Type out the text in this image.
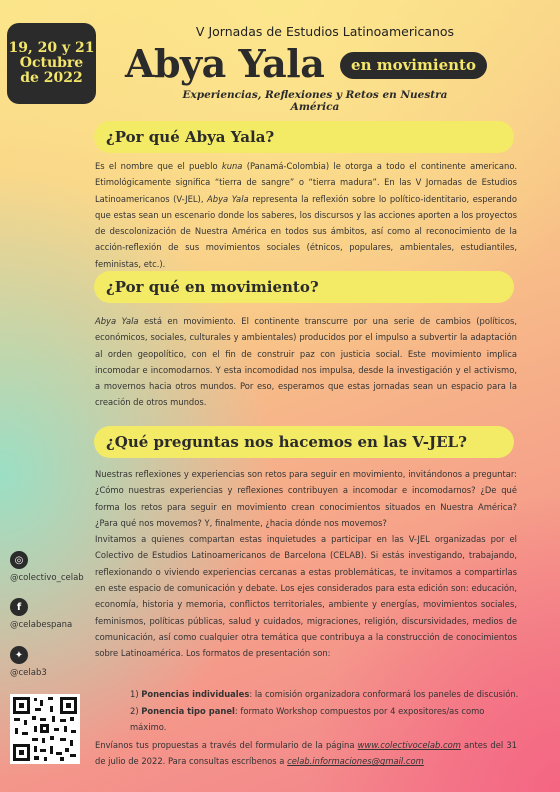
19, 20 y 21
Octubre
de 2022
V Jornadas de Estudios Latinoamericanos
Abya Yala	en movimiento
Experiencias, Reflexiones y Retos en Nuestra América
¿Por qué Abya Yala?
Es el nombre que el pueblo kuna (Panamá-Colombia) le otorga a todo el continente americano. Etimológicamente significa “tierra de sangre” o “tierra madura”. En las V Jornadas de Estudios Latinoamericanos (V-JEL), Abya Yala representa la reflexión sobre lo político-identitario, esperando que estas sean un escenario donde los saberes, los discursos y las acciones aporten a los proyectos de descolonización de Nuestra América en todos sus ámbitos, así como al reconocimiento de la acción-reflexión de sus movimientos sociales (étnicos, populares, ambientales, estudiantiles, feministas, etc.).
¿Por qué en movimiento?
Abya Yala está en movimiento. El continente transcurre por una serie de cambios (políticos, económicos, sociales, culturales y ambientales) producidos por el impulso a subvertir la adaptación al orden geopolítico, con el fin de construir paz con justicia social. Este movimiento implica incomodar e incomodarnos. Y esta incomodidad nos impulsa, desde la investigación y el activismo, a movernos hacia otros mundos. Por eso, esperamos que estas jornadas sean un espacio para la creación de otros mundos.
¿Qué preguntas nos hacemos en las V-JEL?
Nuestras reflexiones y experiencias son retos para seguir en movimiento, invitándonos a preguntar: ¿Cómo nuestras experiencias y reflexiones contribuyen a incomodar e incomodarnos? ¿De qué forma los retos para seguir en movimiento crean conocimientos situados en Nuestra América? ¿Para qué nos movemos? Y, finalmente, ¿hacia dónde nos movemos?
Invitamos a quienes compartan estas inquietudes a participar en las V-JEL organizadas por el Colectivo de Estudios Latinoamericanos de Barcelona (CELAB). Si estás investigando, trabajando, reflexionando o viviendo experiencias cercanas a estas problemáticas, te invitamos a compartirlas en este espacio de comunicación y debate. Los ejes considerados para esta edición son: educación, economía, historia y memoria, conflictos territoriales, ambiente y energías, movimientos sociales, feminismos, políticas públicas, salud y cuidados, migraciones, religión, discursividades, medios de comunicación, así como cualquier otra temática que contribuya a la construcción de conocimientos sobre Latinoamérica. Los formatos de presentación son:
1) Ponencias individuales: la comisión organizadora conformará los paneles de discusión.
2) Ponencia tipo panel: formato Workshop compuestos por 4 expositores/as como máximo.
Envíanos tus propuestas a través del formulario de la página www.colectivocelab.com antes del 31 de julio de 2022. Para consultas escríbenos a celab.informaciones@gmail.com
◎
@colectivo_celab
f
@celabespana
✦
@celab3
